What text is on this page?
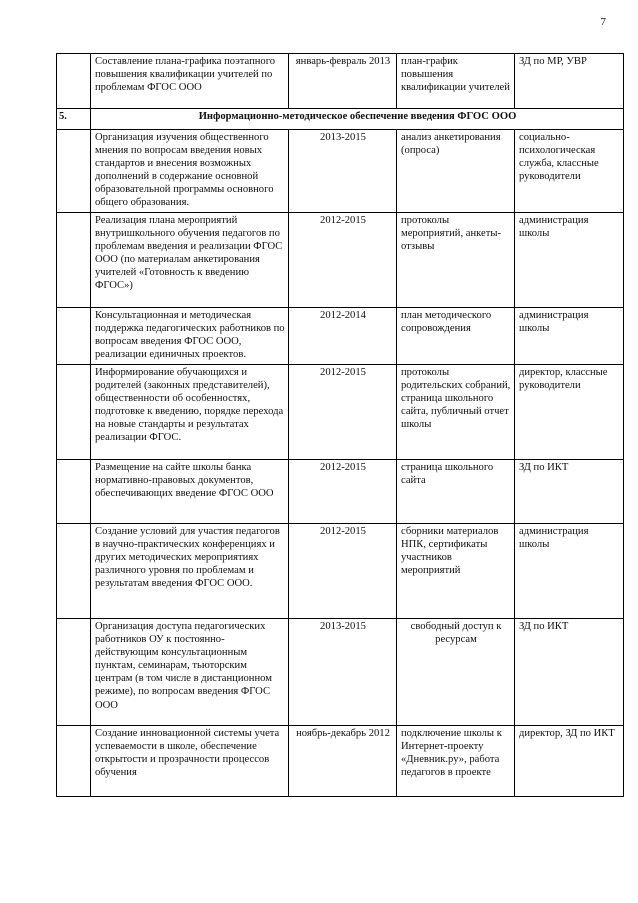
7
	Составление плана-графика поэтапного повышения квалификации учителей по проблемам ФГОС ООО	январь-февраль 2013	план-график повышения квалификации учителей	ЗД по МР, УВР
5.	Информационно-методическое обеспечение введения ФГОС ООО			
	Организация изучения общественного мнения по вопросам введения новых стандартов и внесения возможных дополнений в содержание основной образовательной программы основного общего образования.	2013-2015	анализ анкетирования (опроса)	социально-психологическая служба, классные руководители
	Реализация плана мероприятий внутришкольного обучения педагогов по проблемам введения и реализации ФГОС ООО (по материалам анкетирования учителей «Готовность к введению ФГОС»)	2012-2015	протоколы мероприятий, анкеты-отзывы	администрация школы
	Консультационная и методическая поддержка педагогических работников по вопросам введения ФГОС ООО, реализации единичных проектов.	2012-2014	план методического сопровождения	администрация школы
	Информирование обучающихся и родителей (законных представителей), общественности об особенностях, подготовке к введению, порядке перехода на новые стандарты и результатах реализации ФГОС.	2012-2015	протоколы родительских собраний, страница школьного сайта, публичный отчет школы	директор, классные руководители
	Размещение на сайте школы банка нормативно-правовых документов, обеспечивающих введение ФГОС ООО	2012-2015	страница школьного сайта	ЗД по ИКТ
	Создание условий для участия педагогов в научно-практических конференциях и других методических мероприятиях различного уровня по проблемам и результатам введения ФГОС ООО.	2012-2015	сборники материалов НПК, сертификаты участников мероприятий	администрация школы
	Организация доступа педагогических работников ОУ к постоянно-действующим консультационным пунктам, семинарам, тьюторским центрам (в том числе в дистанционном режиме), по вопросам введения ФГОС ООО	2013-2015	свободный доступ к ресурсам	ЗД по ИКТ
	Создание инновационной системы учета успеваемости в школе, обеспечение открытости и прозрачности процессов обучения	ноябрь-декабрь 2012	подключение школы к Интернет-проекту «Дневник.ру», работа педагогов в проекте	директор, ЗД по ИКТ
